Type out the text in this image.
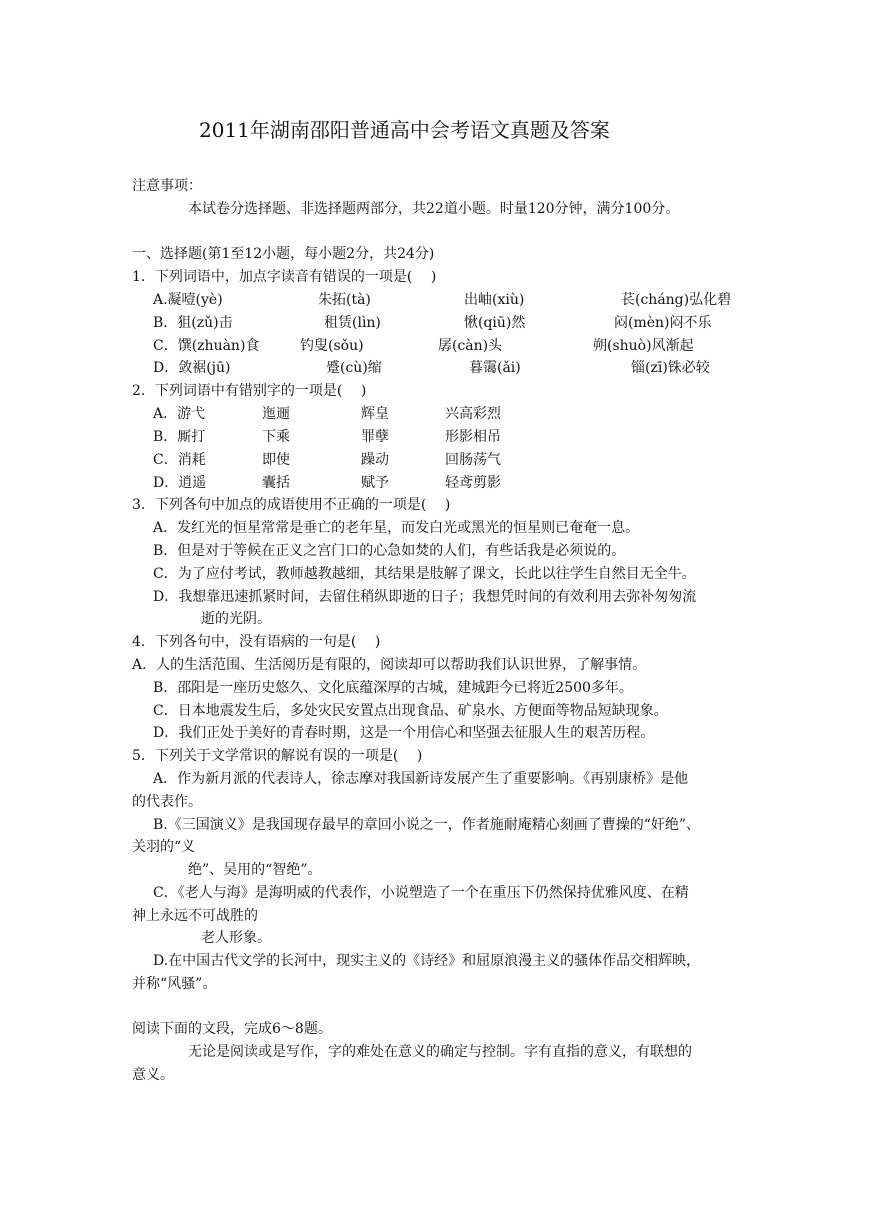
2011年湖南邵阳普通高中会考语文真题及答案
注意事项：
本试卷分选择题、非选择题两部分，共22道小题。时量120分钟，满分100分。
一、选择题(第1至12小题，每小题2分，共24分)
1．下列词语中，加点字读音有错误的一项是(　 )
A.凝噎(yè)	朱拓(tà)	出岫(xiù)	苌(cháng)弘化碧
B．狙(zǔ)击	租赁(lìn)	愀(qiū)然	闷(mèn)闷不乐
C．馔(zhuàn)食	钓叟(sǒu)	孱(càn)头	朔(shuò)风渐起
D．敛裾(jū)	蹙(cù)缩	暮霭(ǎi)	锱(zī)铢必较
2．下列词语中有错别字的一项是(　 )
A．游弋	迤逦	辉皇	兴高彩烈
B．厮打	下乘	罪孽	形影相吊
C．消耗	即使	躁动	回肠荡气
D．逍遥	囊括	赋予	轻鸢剪影
3．下列各句中加点的成语使用不正确的一项是(　 )
A．发红光的恒星常常是垂亡的老年星，而发白光或黑光的恒星则已奄奄一息。
B．但是对于等候在正义之宫门口的心急如焚的人们，有些话我是必须说的。
C．为了应付考试，教师越教越细，其结果是肢解了课文，长此以往学生自然目无全牛。
D．我想靠迅速抓紧时间，去留住稍纵即逝的日子；我想凭时间的有效利用去弥补匆匆流
逝的光阴。
4．下列各句中，没有语病的一句是(　 )
A．人的生活范围、生活阅历是有限的，阅读却可以帮助我们认识世界，了解事情。
B．邵阳是一座历史悠久、文化底蕴深厚的古城，建城距今已将近2500多年。
C．日本地震发生后，多处灾民安置点出现食品、矿泉水、方便面等物品短缺现象。
D．我们正处于美好的青春时期，这是一个用信心和坚强去征服人生的艰苦历程。
5．下列关于文学常识的解说有误的一项是(　 )
A．作为新月派的代表诗人，徐志摩对我国新诗发展产生了重要影响。《再别康桥》是他
的代表作。
B.《三国演义》是我国现存最早的章回小说之一，作者施耐庵精心刻画了曹操的“奸绝”、
关羽的“义
绝”、吴用的“智绝”。
C．《老人与海》是海明威的代表作，小说塑造了一个在重压下仍然保持优雅风度、在精
神上永远不可战胜的
老人形象。
D.在中国古代文学的长河中，现实主义的《诗经》和屈原浪漫主义的骚体作品交相辉映，
并称“风骚”。
阅读下面的文段，完成6～8题。
无论是阅读或是写作，字的难处在意义的确定与控制。字有直指的意义，有联想的
意义。
